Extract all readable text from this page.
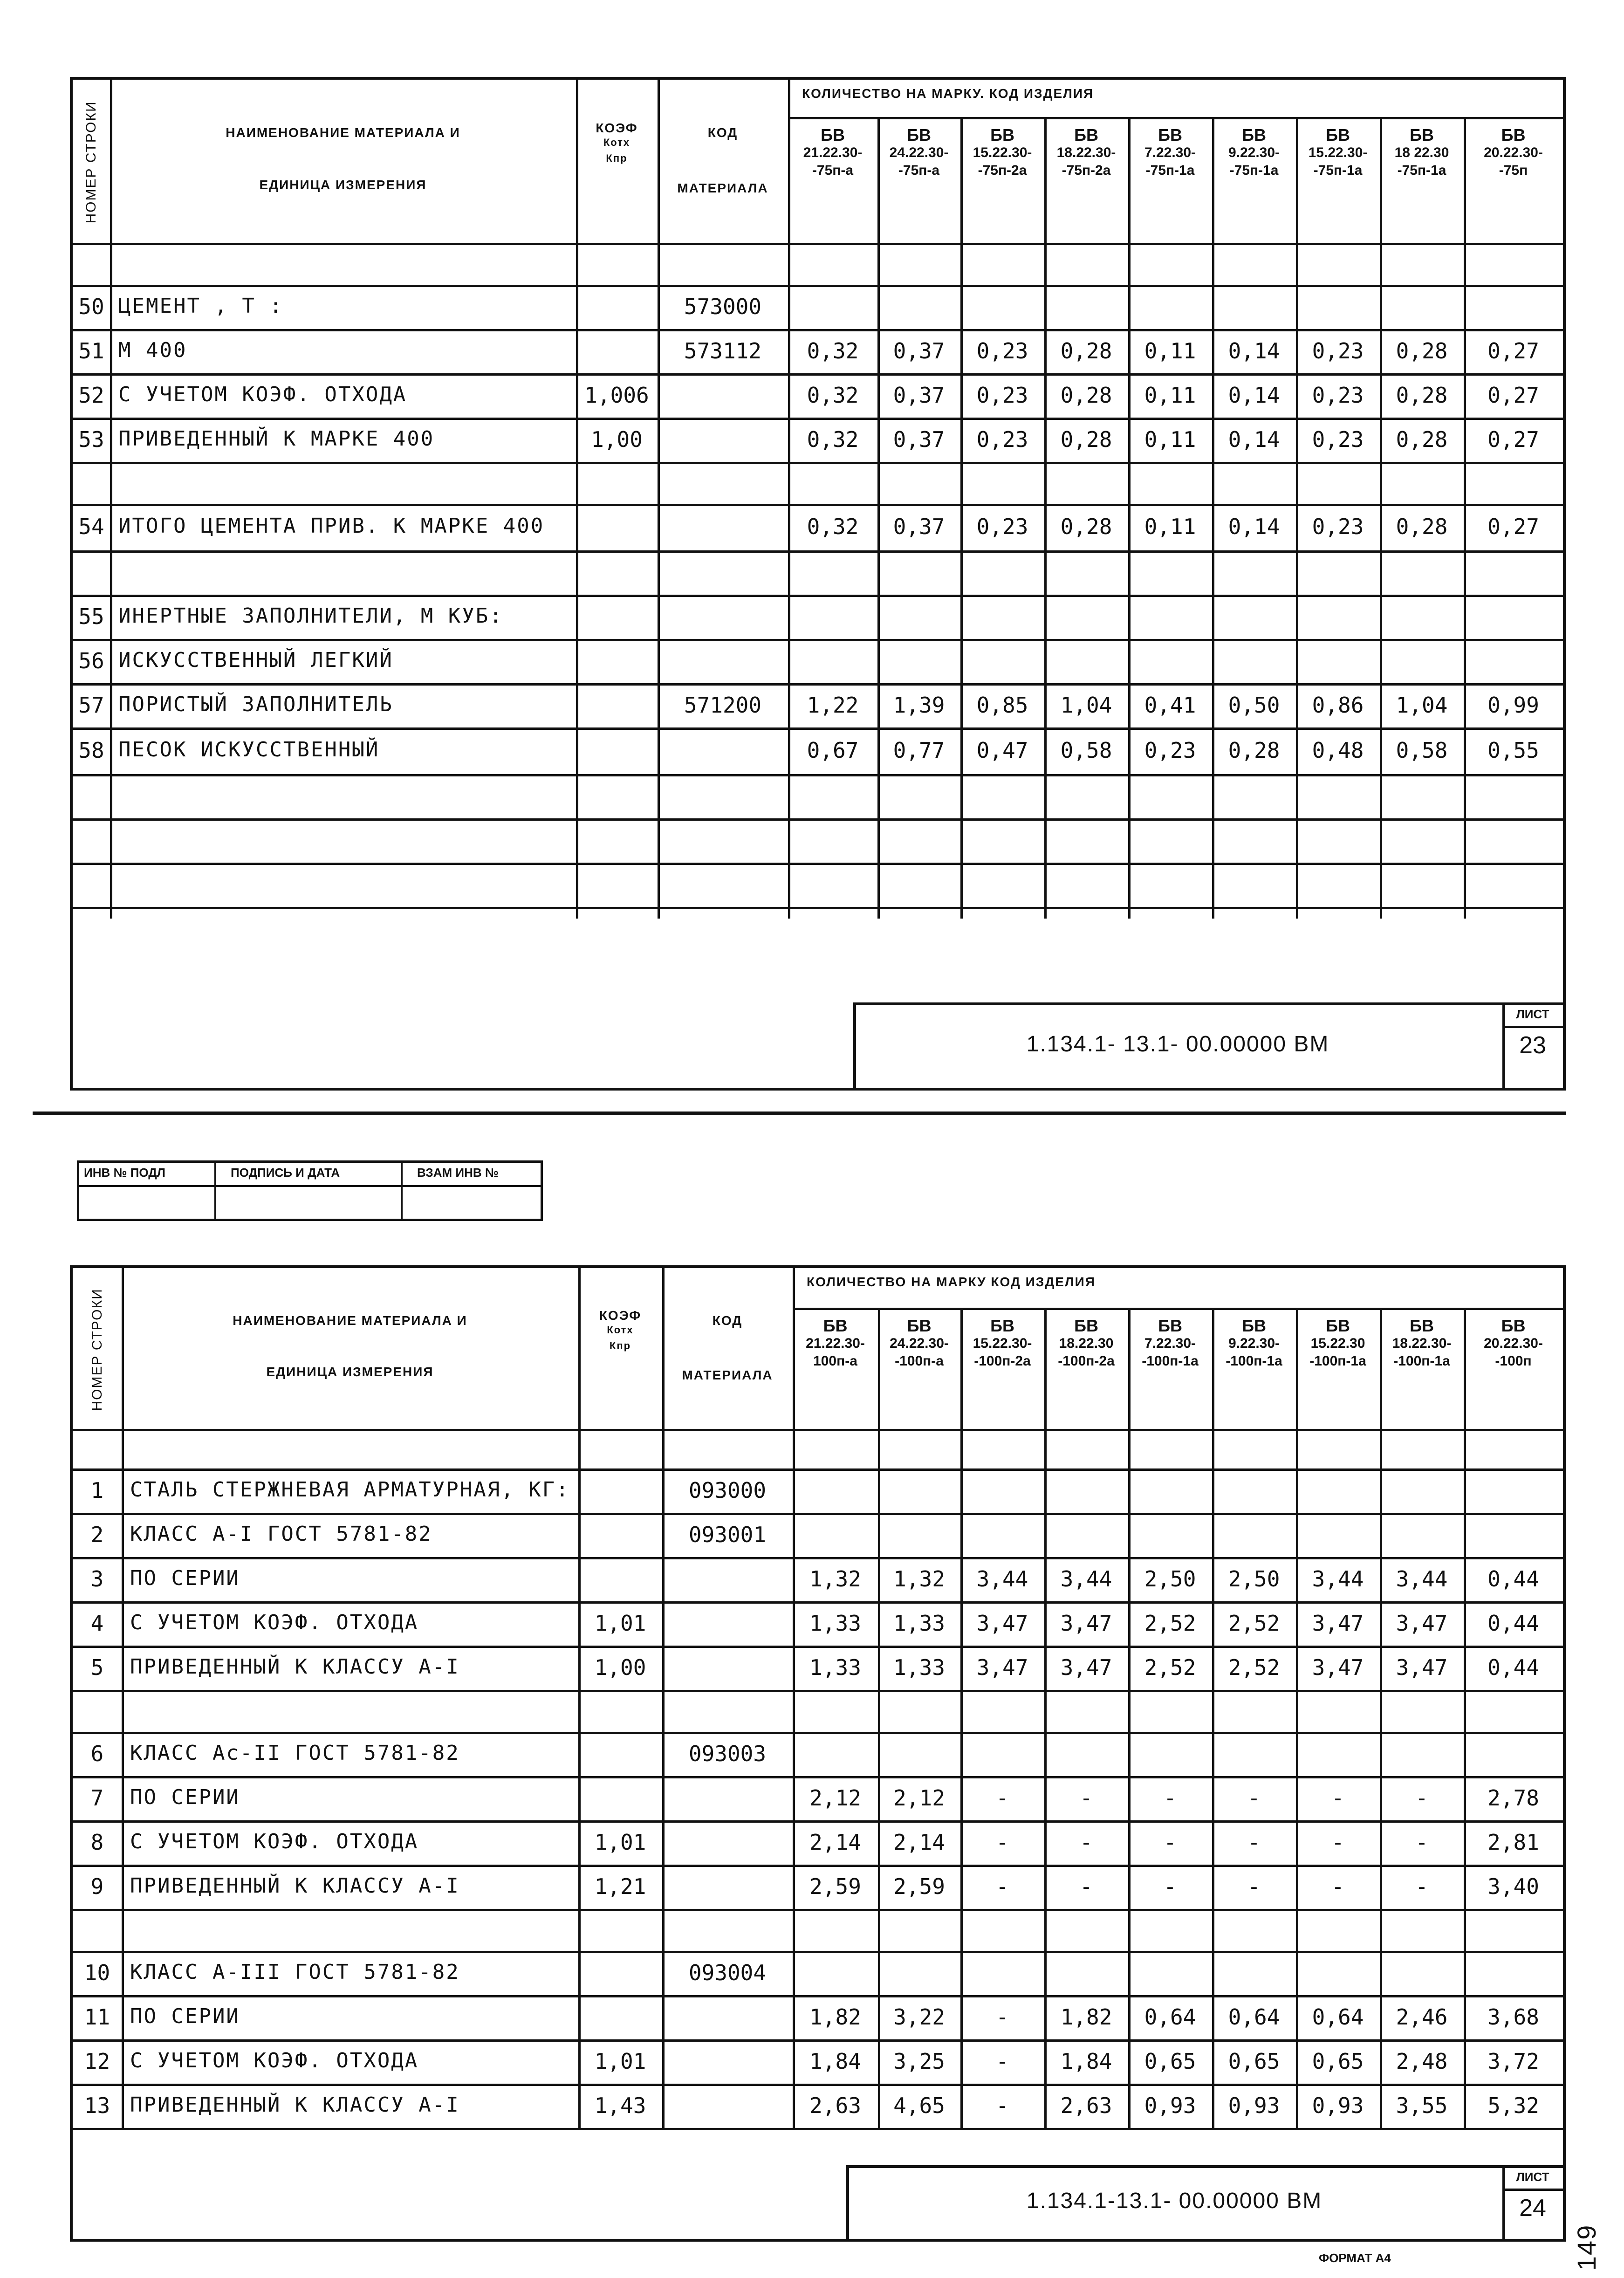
НОМЕР СТРОКИ	НАИМЕНОВАНИЕ МАТЕРИАЛА И
ЕДИНИЦА ИЗМЕРЕНИЯ
КОЭФ
Котх
Кпр
КОД
МАТЕРИАЛА
КОЛИЧЕСТВО НА МАРКУ. КОД ИЗДЕЛИЯ
БВ
21.22.30-
-75п-а
БВ
24.22.30-
-75п-а
БВ
15.22.30-
-75п-2а
БВ
18.22.30-
-75п-2а
БВ
7.22.30-
-75п-1а
БВ
9.22.30-
-75п-1а
БВ
15.22.30-
-75п-1а
БВ
18 22.30
-75п-1а
БВ
20.22.30-
-75п
50 ЦЕМЕНТ , Т :	573000
51 М 400	573112	0,32	0,37	0,23	0,28	0,11	0,14	0,23	0,28	0,27
52 С УЧЕТОМ КОЭФ. ОТХОДА	1,006	0,32	0,37	0,23	0,28	0,11	0,14	0,23	0,28	0,27
53 ПРИВЕДЕННЫЙ К МАРКЕ 400	1,00	0,32	0,37	0,23	0,28	0,11	0,14	0,23	0,28	0,27
54 ИТОГО ЦЕМЕНТА ПРИВ. К МАРКЕ 400	0,32	0,37	0,23	0,28	0,11	0,14	0,23	0,28	0,27
55 ИНЕРТНЫЕ ЗАПОЛНИТЕЛИ, М КУБ:
56 ИСКУССТВЕННЫЙ ЛЕГКИЙ
57 ПОРИСТЫЙ ЗАПОЛНИТЕЛЬ	571200	1,22	1,39	0,85	1,04	0,41	0,50	0,86	1,04	0,99
58 ПЕСОК ИСКУССТВЕННЫЙ	0,67	0,77	0,47	0,58	0,23	0,28	0,48	0,58	0,55
1.134.1- 13.1- 00.00000 ВМ
ЛИСТ
23
ИНВ № ПОДЛ	ПОДПИСЬ И ДАТА	ВЗАМ ИНВ №
НОМЕР СТРОКИ	НАИМЕНОВАНИЕ МАТЕРИАЛА И
ЕДИНИЦА ИЗМЕРЕНИЯ
КОЭФ
Котх
Кпр
КОД
МАТЕРИАЛА
КОЛИЧЕСТВО НА МАРКУ КОД ИЗДЕЛИЯ
БВ
21.22.30-
100п-а
БВ
24.22.30-
-100п-а
БВ
15.22.30-
-100п-2а
БВ
18.22.30
-100п-2а
БВ
7.22.30-
-100п-1а
БВ
9.22.30-
-100п-1а
БВ
15.22.30
-100п-1а
БВ
18.22.30-
-100п-1а
БВ
20.22.30-
-100п
1	СТАЛЬ СТЕРЖНЕВАЯ АРМАТУРНАЯ, КГ:	093000
2	КЛАСС А-I ГОСТ 5781-82	093001
3	ПО СЕРИИ	1,32	1,32	3,44	3,44	2,50	2,50	3,44	3,44	0,44
4	С УЧЕТОМ КОЭФ. ОТХОДА	1,01	1,33	1,33	3,47	3,47	2,52	2,52	3,47	3,47	0,44
5	ПРИВЕДЕННЫЙ К КЛАССУ А-I	1,00	1,33	1,33	3,47	3,47	2,52	2,52	3,47	3,47	0,44
6	КЛАСС Ас-II ГОСТ 5781-82	093003
7	ПО СЕРИИ	2,12	2,12	-	-	-	-	-	-	2,78
8	С УЧЕТОМ КОЭФ. ОТХОДА	1,01	2,14	2,14	-	-	-	-	-	-	2,81
9	ПРИВЕДЕННЫЙ К КЛАССУ А-I	1,21	2,59	2,59	-	-	-	-	-	-	3,40
10 КЛАСС А-III ГОСТ 5781-82	093004
11 ПО СЕРИИ	1,82	3,22	-	1,82	0,64	0,64	0,64	2,46	3,68
12 С УЧЕТОМ КОЭФ. ОТХОДА	1,01	1,84	3,25	-	1,84	0,65	0,65	0,65	2,48	3,72
13 ПРИВЕДЕННЫЙ К КЛАССУ А-I	1,43	2,63	4,65	-	2,63	0,93	0,93	0,93	3,55	5,32
1.134.1-13.1- 00.00000 ВМ
ЛИСТ
24
ФОРМАТ А4	149
